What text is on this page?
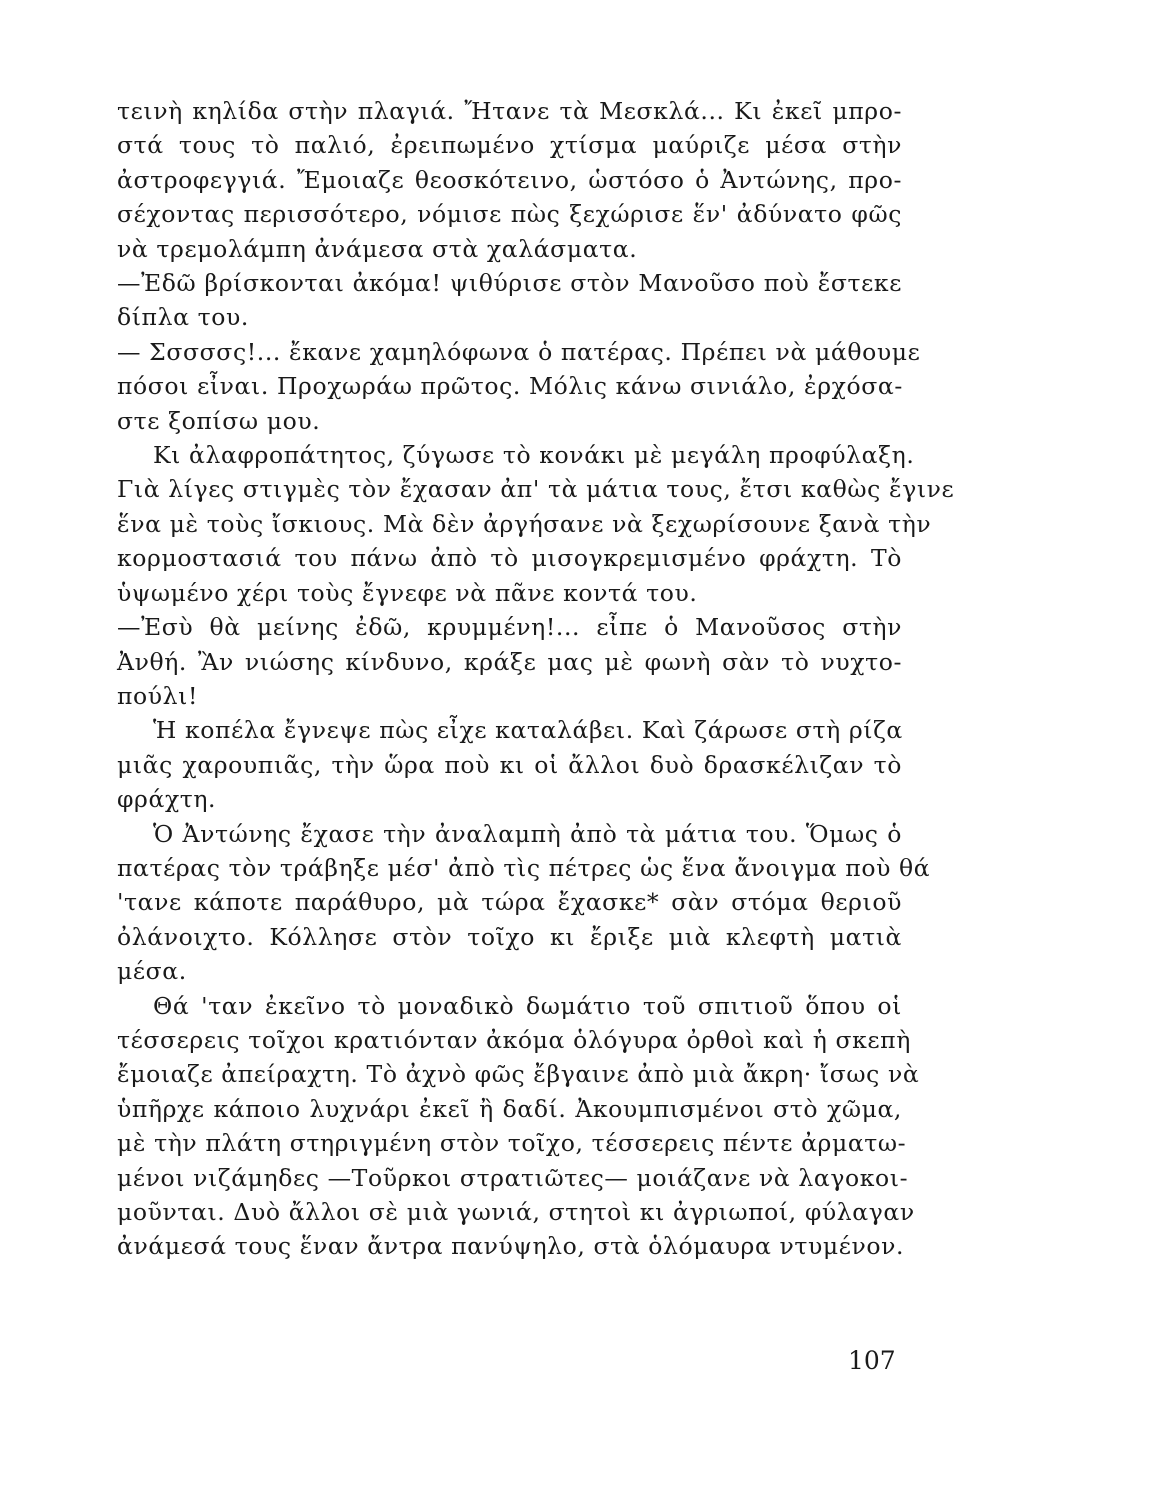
τεινὴ κηλίδα στὴν πλαγιά. Ἤτανε τὰ Μεσκλά... Κι ἐκεῖ μπρο-
στά τους τὸ παλιό, ἐρειπωμένο χτίσμα μαύριζε μέσα στὴν
ἀστροφεγγιά. Ἔμοιαζε θεοσκότεινο, ὡστόσο ὁ Ἀντώνης, προ-
σέχοντας περισσότερο, νόμισε πὼς ξεχώρισε ἕν' ἀδύνατο φῶς
νὰ τρεμολάμπη ἀνάμεσα στὰ χαλάσματα.
—Ἐδῶ βρίσκονται ἀκόμα! ψιθύρισε στὸν Μανοῦσο ποὺ ἔστεκε
δίπλα του.
— Σσσσσς!... ἔκανε χαμηλόφωνα ὁ πατέρας. Πρέπει νὰ μάθουμε
πόσοι εἶναι. Προχωράω πρῶτος. Μόλις κάνω σινιάλο, ἐρχόσα-
στε ξοπίσω μου.
Κι ἀλαφροπάτητος, ζύγωσε τὸ κονάκι μὲ μεγάλη προφύλαξη.
Γιὰ λίγες στιγμὲς τὸν ἔχασαν ἀπ' τὰ μάτια τους, ἔτσι καθὼς ἔγινε
ἕνα μὲ τοὺς ἴσκιους. Μὰ δὲν ἀργήσανε νὰ ξεχωρίσουνε ξανὰ τὴν
κορμοστασιά του πάνω ἀπὸ τὸ μισογκρεμισμένο φράχτη. Τὸ
ὑψωμένο χέρι τοὺς ἔγνεφε νὰ πᾶνε κοντά του.
—Ἐσὺ θὰ μείνης ἐδῶ, κρυμμένη!... εἶπε ὁ Μανοῦσος στὴν
Ἀνθή. Ἂν νιώσης κίνδυνο, κράξε μας μὲ φωνὴ σὰν τὸ νυχτο-
πούλι!
Ἡ κοπέλα ἔγνεψε πὼς εἶχε καταλάβει. Καὶ ζάρωσε στὴ ρίζα
μιᾶς χαρουπιᾶς, τὴν ὥρα ποὺ κι οἱ ἄλλοι δυὸ δρασκέλιζαν τὸ
φράχτη.
Ὁ Ἀντώνης ἔχασε τὴν ἀναλαμπὴ ἀπὸ τὰ μάτια του. Ὅμως ὁ
πατέρας τὸν τράβηξε μέσ' ἀπὸ τὶς πέτρες ὡς ἕνα ἄνοιγμα ποὺ θά
'τανε κάποτε παράθυρο, μὰ τώρα ἔχασκε* σὰν στόμα θεριοῦ
ὀλάνοιχτο. Κόλλησε στὸν τοῖχο κι ἔριξε μιὰ κλεφτὴ ματιὰ
μέσα.
Θά 'ταν ἐκεῖνο τὸ μοναδικὸ δωμάτιο τοῦ σπιτιοῦ ὅπου οἱ
τέσσερεις τοῖχοι κρατιόνταν ἀκόμα ὁλόγυρα ὀρθοὶ καὶ ἡ σκεπὴ
ἔμοιαζε ἀπείραχτη. Τὸ ἀχνὸ φῶς ἔβγαινε ἀπὸ μιὰ ἄκρη· ἴσως νὰ
ὑπῆρχε κάποιο λυχνάρι ἐκεῖ ἢ δαδί. Ἀκουμπισμένοι στὸ χῶμα,
μὲ τὴν πλάτη στηριγμένη στὸν τοῖχο, τέσσερεις πέντε ἀρματω-
μένοι νιζάμηδες —Τοῦρκοι στρατιῶτες— μοιάζανε νὰ λαγοκοι-
μοῦνται. Δυὸ ἄλλοι σὲ μιὰ γωνιά, στητοὶ κι ἀγριωποί, φύλαγαν
ἀνάμεσά τους ἕναν ἄντρα πανύψηλο, στὰ ὁλόμαυρα ντυμένον.
107
